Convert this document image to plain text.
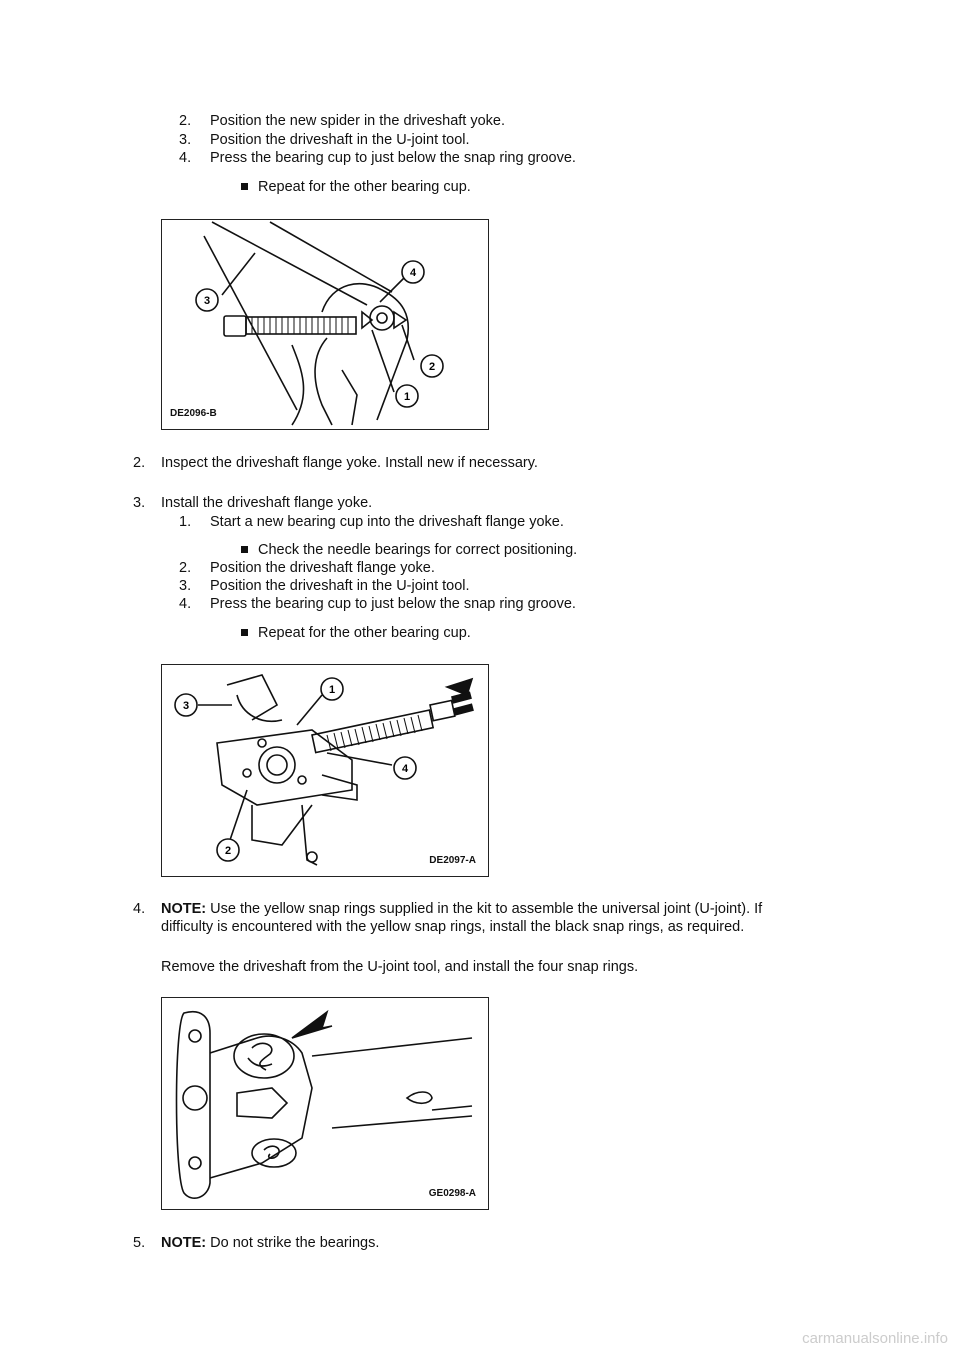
2. Position the new spider in the driveshaft yoke.
3. Position the driveshaft in the U-joint tool.
4. Press the bearing cup to just below the snap ring groove.
Repeat for the other bearing cup.
3
4
2
1
DE2096-B
2. Inspect the driveshaft flange yoke. Install new if necessary.
3. Install the driveshaft flange yoke.
1. Start a new bearing cup into the driveshaft flange yoke.
Check the needle bearings for correct positioning.
2. Position the driveshaft flange yoke.
3. Position the driveshaft in the U-joint tool.
4. Press the bearing cup to just below the snap ring groove.
Repeat for the other bearing cup.
3
1
4
2
DE2097-A
4. NOTE: Use the yellow snap rings supplied in the kit to assemble the universal joint (U-joint). If
difficulty is encountered with the yellow snap rings, install the black snap rings, as required.
Remove the driveshaft from the U-joint tool, and install the four snap rings.
GE0298-A
5. NOTE: Do not strike the bearings.
carmanualsonline.info
